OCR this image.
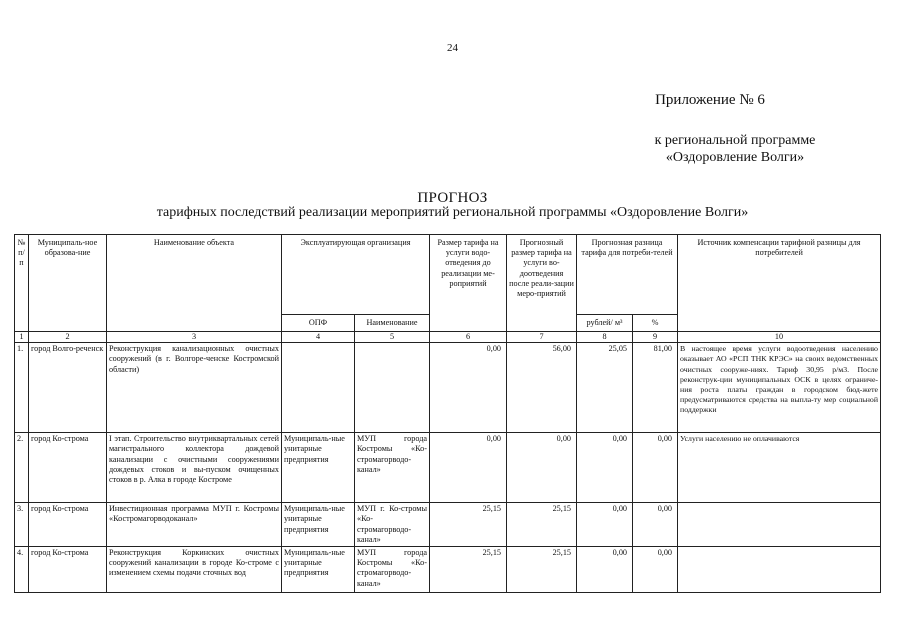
24
Приложение № 6
к региональной программе
«Оздоровление Волги»
ПРОГНОЗ
тарифных последствий реализации мероприятий региональной программы «Оздоровление Волги»
№ п/п	Муниципаль-ное образова-ние	Наименование объекта	Эксплуатирующая организация		Размер тарифа на услуги водо-отведения до реализации ме-роприятий	Прогнозный размер тарифа на услуги во-доотведения после реали-зации меро-приятий	Прогнозная разница тарифа для потреби-телей		Источник компенсации тарифной разницы для потребителей
			ОПФ	Наименование			рублей/ м³	%	

1	2	3	4	5	6	7	8	9	10
1.	город Волго-реченск	Реконструкция канализационных очистных сооружений (в г. Волгоре-ченске Костромской области)			0,00	56,00	25,05	81,00	В настоящее время услуги водоотведения населению оказывает АО «РСП ТНК КРЭС» на своих ведомственных очистных сооруже-ниях. Тариф 30,95 р/м3. После реконструк-ции муниципальных ОСК в целях ограниче-ния роста платы граждан в городском бюд-жете предусматриваются средства на выпла-ту мер социальной поддержки
2.	город Ко-строма	I этап. Строительство внутриквартальных сетей магистрального коллектора дождевой канализации с очистными сооружениями дождевых стоков и вы-пуском очищенных стоков в р. Алка в городе Костроме	Муниципаль-ные унитарные предприятия	МУП города Костромы «Ко-стромагорводо-канал»	0,00	0,00	0,00	0,00	Услуги населению не оплачиваются
3.	город Ко-строма	Инвестиционная программа МУП г. Костромы «Костромагорводоканал»	Муниципаль-ные унитарные предприятия	МУП г. Ко-стромы «Ко-стромагорводо-канал»	25,15	25,15	0,00	0,00	
4.	город Ко-строма	Реконструкция Коркинских очистных сооружений канализации в городе Ко-строме с изменением схемы подачи сточных вод	Муниципаль-ные унитарные предприятия	МУП города Костромы «Ко-стромагорводо-канал»	25,15	25,15	0,00	0,00	
